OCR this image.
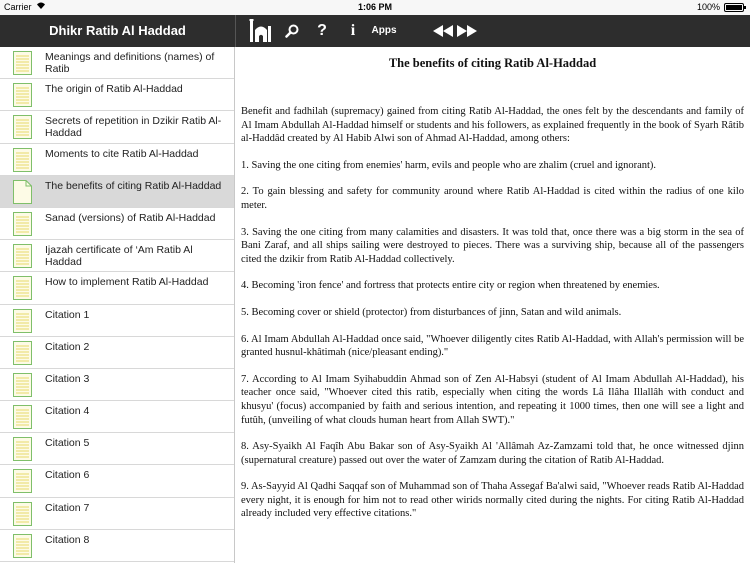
Carrier	1:06 PM	100%
Dhikr Ratib Al Haddad	?	i	Apps
Meanings and definitions (names) of Ratib
The origin of Ratib Al-Haddad
Secrets of repetition in Dzikir Ratib Al-Haddad
Moments to cite Ratib Al-Haddad
The benefits of citing Ratib Al-Haddad
Sanad (versions) of Ratib Al-Haddad
Ijazah certificate of ‘Am Ratib Al Haddad
How to implement Ratib Al-Haddad
Citation 1
Citation 2
Citation 3
Citation 4
Citation 5
Citation 6
Citation 7
Citation 8
The benefits of citing Ratib Al-Haddad

Benefit and fadhilah (supremacy) gained from citing Ratib Al-Haddad, the ones felt by the descendants and family of Al Imam Abdullah Al-Haddad himself or students and his followers, as explained frequently in the book of Syarh Râtib al-Haddâd created by Al Habib Alwi son of Ahmad Al-Haddad, among others:

1. Saving the one citing from enemies' harm, evils and people who are zhalim (cruel and ignorant).

2. To gain blessing and safety for community around where Ratib Al-Haddad is cited within the radius of one kilo meter.

3. Saving the one citing from many calamities and disasters. It was told that, once there was a big storm in the sea of Bani Zaraf, and all ships sailing were destroyed to pieces. There was a surviving ship, because all of the passengers cited the dzikir from Ratib Al-Haddad collectively.

4. Becoming 'iron fence' and fortress that protects entire city or region when threatened by enemies.

5. Becoming cover or shield (protector) from disturbances of jinn, Satan and wild animals.

6. Al Imam Abdullah Al-Haddad once said, "Whoever diligently cites Ratib Al-Haddad, with Allah's permission will be granted husnul-khâtimah (nice/pleasant ending)."

7. According to Al Imam Syihabuddin Ahmad son of Zen Al-Habsyi (student of Al Imam Abdullah Al-Haddad), his teacher once said, "Whoever cited this ratib, especially when citing the words Lâ Ilâha Illallâh with conduct and khusyu' (focus) accompanied by faith and serious intention, and repeating it 1000 times, then one will see a light and futûh, (unveiling of what clouds human heart from Allah SWT)."

8. Asy-Syaikh Al Faqîh Abu Bakar son of Asy-Syaikh Al 'Allâmah Az-Zamzami told that, he once witnessed djinn (supernatural creature) passed out over the water of Zamzam during the citation of Ratib Al-Haddad.

9. As-Sayyid Al Qadhi Saqqaf son of Muhammad son of Thaha Assegaf Ba'alwi said, "Whoever reads Ratib Al-Haddad every night, it is enough for him not to read other wirids normally cited during the nights. For citing Ratib Al-Haddad already included very effective citations."
